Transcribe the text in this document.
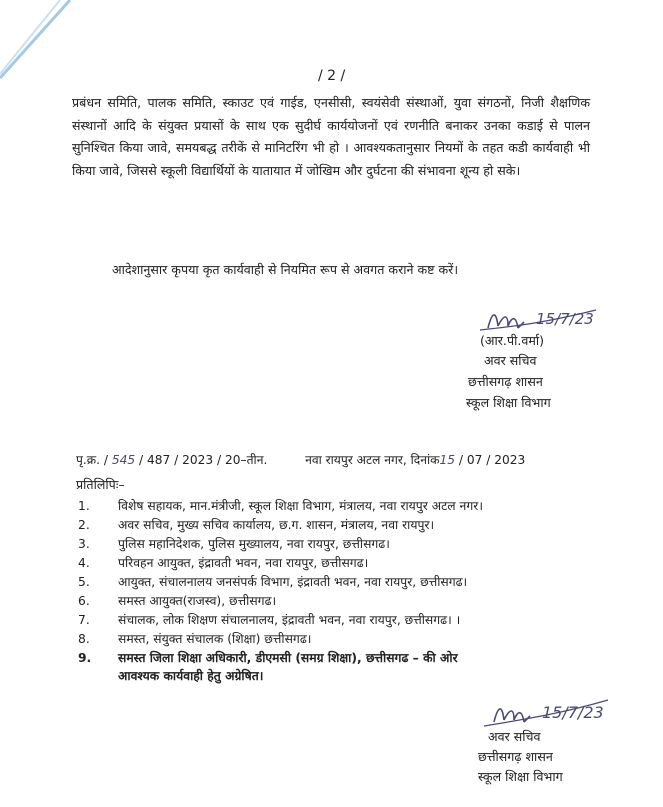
/ 2 /
प्रबंधन समिति, पालक समिति, स्काउट एवं गाईड, एनसीसी, स्वयंसेवी संस्थाओं, युवा संगठनों, निजी शैक्षणिक संस्थानों आदि के संयुक्त प्रयासों के साथ एक सुदीर्घ कार्ययोजनों एवं रणनीति बनाकर उनका कडाई से पालन सुनिश्चित किया जावे, समयबद्ध तरीकें से मानिटरिंग भी हो । आवश्यकतानुसार नियमों के तहत कडी कार्यवाही भी किया जावे, जिससे स्कूली विद्यार्थियों के यातायात में जोखिम और दुर्घटना की संभावना शून्य हो सके।
आदेशानुसार कृपया कृत कार्यवाही से नियमित रूप से अवगत कराने कष्ट करें।
15/7/23
(आर.पी.वर्मा)
अवर सचिव
छत्तीसगढ़ शासन
स्कूल शिक्षा विभाग
पृ.क्र. / 545 / 487 / 2023 / 20–तीन.	नवा रायपुर अटल नगर, दिनांक15 / 07 / 2023
प्रतिलिपिः–
1.	विशेष सहायक, मान.मंत्रीजी, स्कूल शिक्षा विभाग, मंत्रालय, नवा रायपुर अटल नगर।
2.	अवर सचिव, मुख्य सचिव कार्यालय, छ.ग. शासन, मंत्रालय, नवा रायपुर।
3.	पुलिस महानिदेशक, पुलिस मुख्यालय, नवा रायपुर, छत्तीसगढ।
4.	परिवहन आयुक्त, इंद्रावती भवन, नवा रायपुर, छत्तीसगढ।
5.	आयुक्त, संचालनालय जनसंपर्क विभाग, इंद्रावती भवन, नवा रायपुर, छत्तीसगढ।
6.	समस्त आयुक्त(राजस्व), छत्तीसगढ।
7.	संचालक, लोक शिक्षण संचालनालय, इंद्रावती भवन, नवा रायपुर, छत्तीसगढ। ।
8.	समस्त, संयुक्त संचालक (शिक्षा) छत्तीसगढ।
9.	समस्त जिला शिक्षा अधिकारी, डीएमसी (समग्र शिक्षा), छत्तीसगढ – की ओर
आवश्यक कार्यवाही हेतु अग्रेषित।
15/7/23
अवर सचिव
छत्तीसगढ़ शासन
स्कूल शिक्षा विभाग
